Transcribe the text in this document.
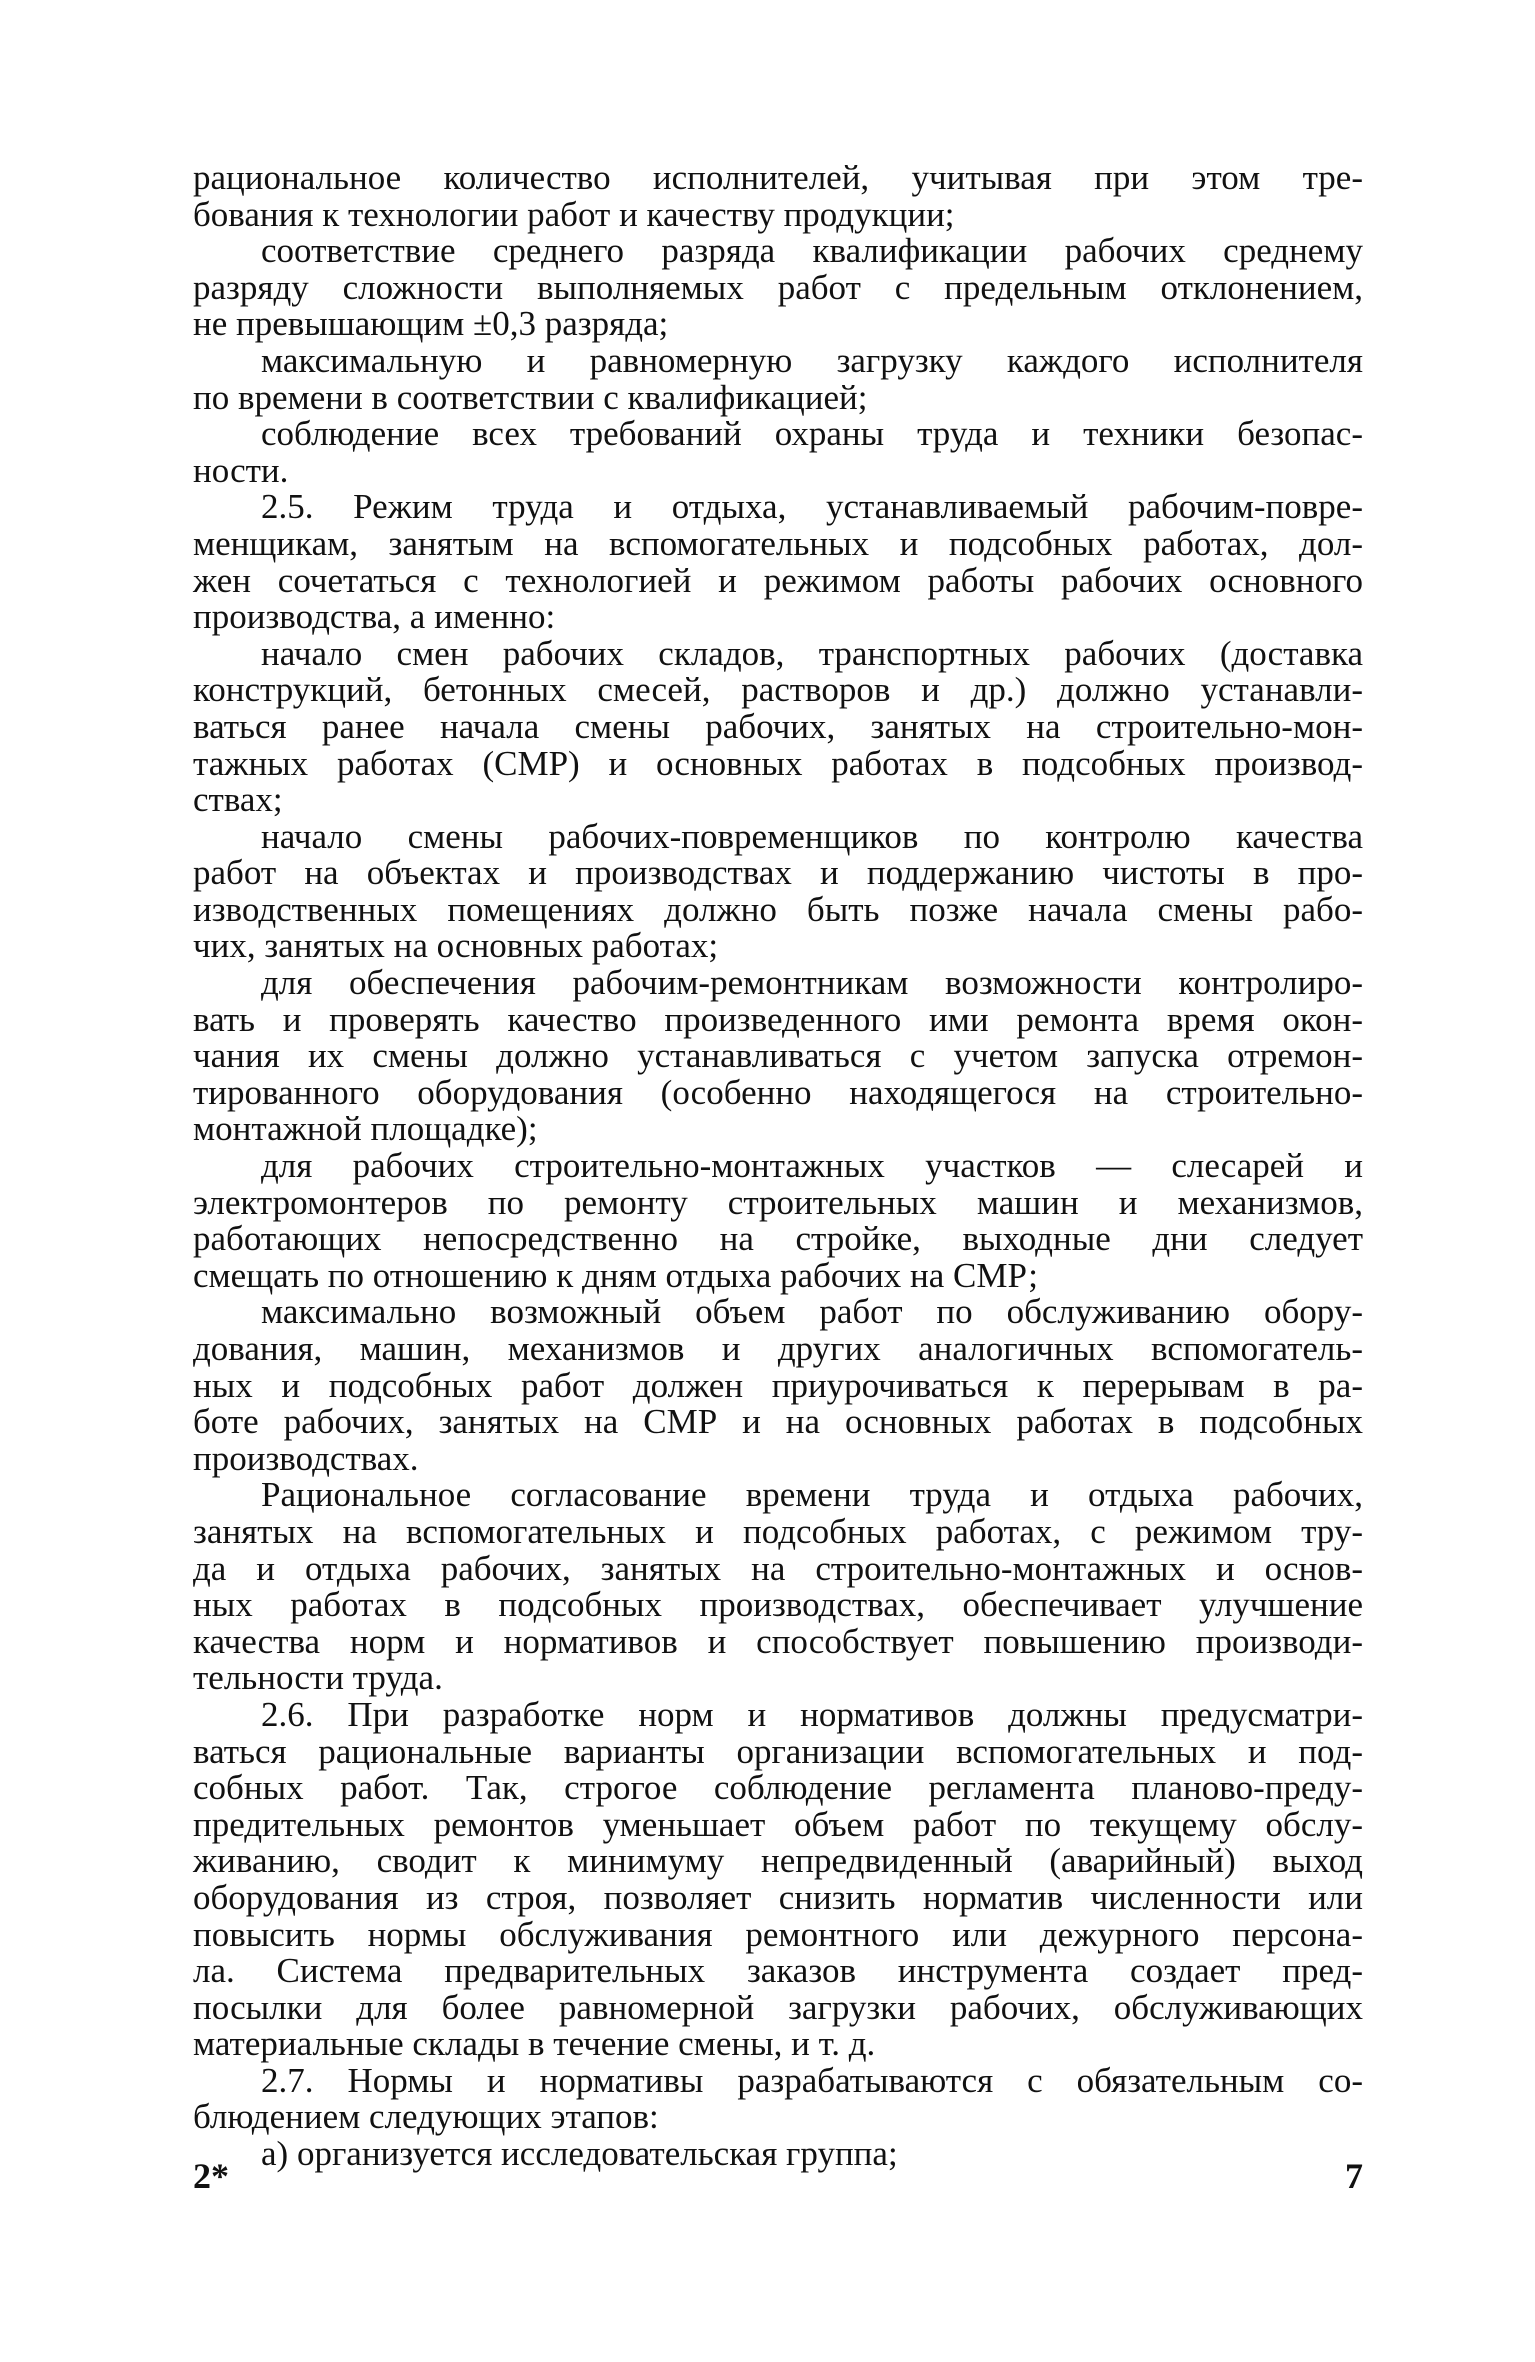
рациональное количество исполнителей, учитывая при этом тре-
бования к технологии работ и качеству продукции;
соответствие среднего разряда квалификации рабочих среднему
разряду сложности выполняемых работ с предельным отклонением,
не превышающим ±0,3 разряда;
максимальную и равномерную загрузку каждого исполнителя
по времени в соответствии с квалификацией;
соблюдение всех требований охраны труда и техники безопас-
ности.
2.5. Режим труда и отдыха, устанавливаемый рабочим-повре-
менщикам, занятым на вспомогательных и подсобных работах, дол-
жен сочетаться с технологией и режимом работы рабочих основного
производства, а именно:
начало смен рабочих складов, транспортных рабочих (доставка
конструкций, бетонных смесей, растворов и др.) должно устанавли-
ваться ранее начала смены рабочих, занятых на строительно-мон-
тажных работах (СМР) и основных работах в подсобных производ-
ствах;
начало смены рабочих-повременщиков по контролю качества
работ на объектах и производствах и поддержанию чистоты в про-
изводственных помещениях должно быть позже начала смены рабо-
чих, занятых на основных работах;
для обеспечения рабочим-ремонтникам возможности контролиро-
вать и проверять качество произведенного ими ремонта время окон-
чания их смены должно устанавливаться с учетом запуска отремон-
тированного оборудования (особенно находящегося на строительно-
монтажной площадке);
для рабочих строительно-монтажных участков — слесарей и
электромонтеров по ремонту строительных машин и механизмов,
работающих непосредственно на стройке, выходные дни следует
смещать по отношению к дням отдыха рабочих на СМР;
максимально возможный объем работ по обслуживанию обору-
дования, машин, механизмов и других аналогичных вспомогатель-
ных и подсобных работ должен приурочиваться к перерывам в ра-
боте рабочих, занятых на СМР и на основных работах в подсобных
производствах.
Рациональное согласование времени труда и отдыха рабочих,
занятых на вспомогательных и подсобных работах, с режимом тру-
да и отдыха рабочих, занятых на строительно-монтажных и основ-
ных работах в подсобных производствах, обеспечивает улучшение
качества норм и нормативов и способствует повышению производи-
тельности труда.
2.6. При разработке норм и нормативов должны предусматри-
ваться рациональные варианты организации вспомогательных и под-
собных работ. Так, строгое соблюдение регламента планово-преду-
предительных ремонтов уменьшает объем работ по текущему обслу-
живанию, сводит к минимуму непредвиденный (аварийный) выход
оборудования из строя, позволяет снизить норматив численности или
повысить нормы обслуживания ремонтного или дежурного персона-
ла. Система предварительных заказов инструмента создает пред-
посылки для более равномерной загрузки рабочих, обслуживающих
материальные склады в течение смены, и т. д.
2.7. Нормы и нормативы разрабатываются с обязательным со-
блюдением следующих этапов:
а) организуется исследовательская группа;
2*	7
